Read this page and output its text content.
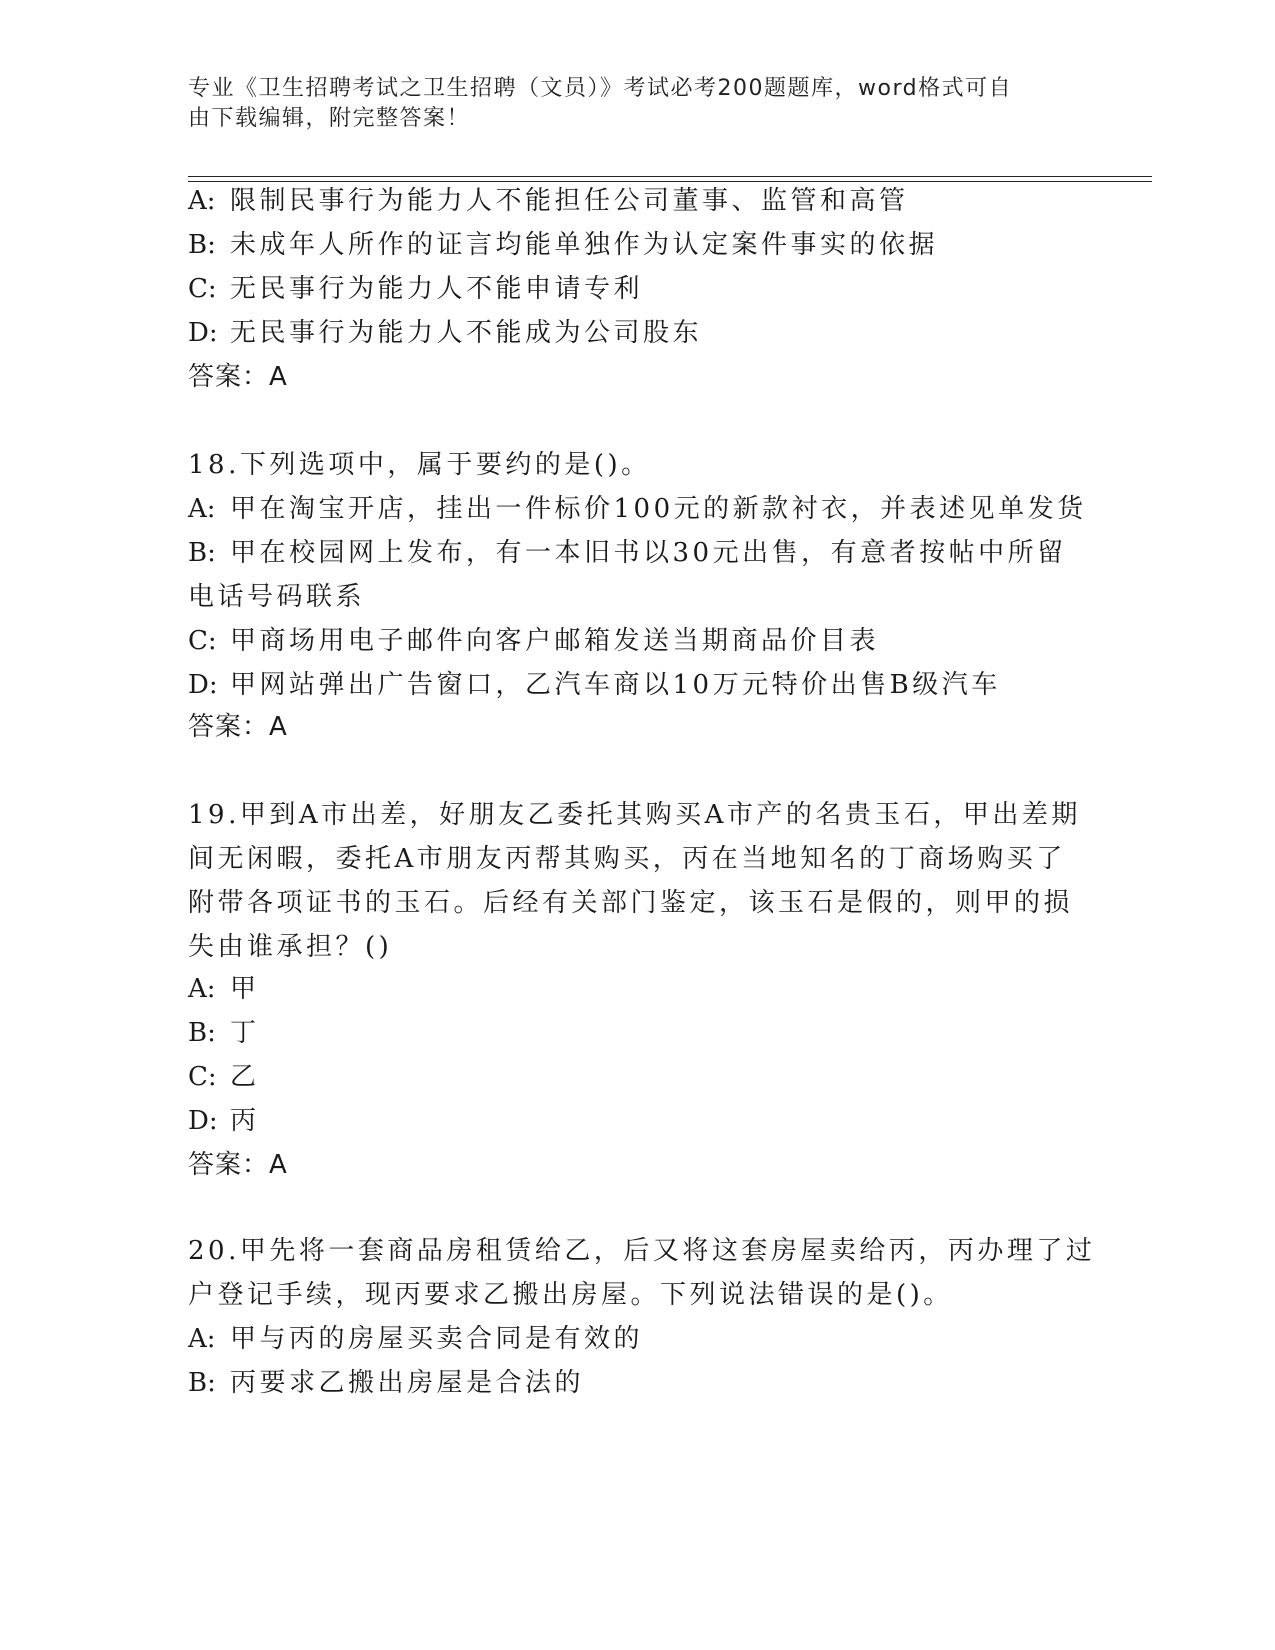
专业《卫生招聘考试之卫生招聘（文员）》考试必考200题题库，word格式可自
由下载编辑，附完整答案！
A: 限制民事行为能力人不能担任公司董事、监管和高管
B: 未成年人所作的证言均能单独作为认定案件事实的依据
C: 无民事行为能力人不能申请专利
D: 无民事行为能力人不能成为公司股东
答案：A
18.下列选项中，属于要约的是()。
A: 甲在淘宝开店，挂出一件标价100元的新款衬衣，并表述见单发货
B: 甲在校园网上发布，有一本旧书以30元出售，有意者按帖中所留
电话号码联系
C: 甲商场用电子邮件向客户邮箱发送当期商品价目表
D: 甲网站弹出广告窗口，乙汽车商以10万元特价出售B级汽车
答案：A
19.甲到A市出差，好朋友乙委托其购买A市产的名贵玉石，甲出差期
间无闲暇，委托A市朋友丙帮其购买，丙在当地知名的丁商场购买了
附带各项证书的玉石。后经有关部门鉴定，该玉石是假的，则甲的损
失由谁承担？()
A: 甲
B: 丁
C: 乙
D: 丙
答案：A
20.甲先将一套商品房租赁给乙，后又将这套房屋卖给丙，丙办理了过
户登记手续，现丙要求乙搬出房屋。下列说法错误的是()。
A: 甲与丙的房屋买卖合同是有效的
B: 丙要求乙搬出房屋是合法的
